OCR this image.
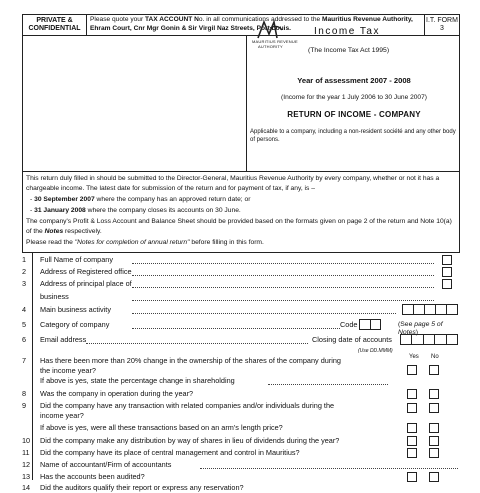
PRIVATE &
CONFIDENTIAL
Please quote your TAX ACCOUNT No. in all communications addressed to the Mauritius Revenue Authority, Ehram Court, Cnr Mgr Gonin & Sir Virgil Naz Streets, Port Louis.
I.T. FORM 3
MAURITIUS REVENUE
AUTHORITY
Income Tax
(The Income Tax Act 1995)
Year of assessment 2007 - 2008
(Income for the year 1 July 2006 to 30 June 2007)
RETURN OF INCOME - COMPANY
Applicable to a company, including a non-resident société and any other body of persons.

This return duly filled in should be submitted to the Director-General, Mauritius Revenue Authority by every company, whether or not it has a chargeable income. The latest date for submission of the return and for payment of tax, if any, is –

- 30 September 2007 where the company has an approved return date; or

- 31 January 2008 where the company closes its accounts on 30 June.

The company's Profit & Loss Account and Balance Sheet should be provided based on the formats given on page 2 of the return and Note 10(a) of the Notes respectively.

Please read the "Notes for completion of annual return" before filling in this form.

1	Full Name of company
2	Address of Registered office
3	Address of principal place of
business
4	Main business activity
5	Category of company	Code	(See page 5 of Notes)
6	Email address	Closing date of accounts
(Use DD.MMM)
Yes No
7	Has there been more than 20% change in the ownership of the shares of the company during
the income year?
If above is yes, state the percentage change in shareholding
8	Was the company in operation during the year?
9	Did the company have any transaction with related companies and/or individuals during the
income year?
If above is yes, were all these transactions based on an arm's length price?
10 Did the company make any distribution by way of shares in lieu of dividends during the year?
11	Did the company have its place of central management and control in Mauritius?
12 Name of accountant/Firm of accountants
13 Has the accounts been audited?
14 Did the auditors qualify their report or express any reservation?
